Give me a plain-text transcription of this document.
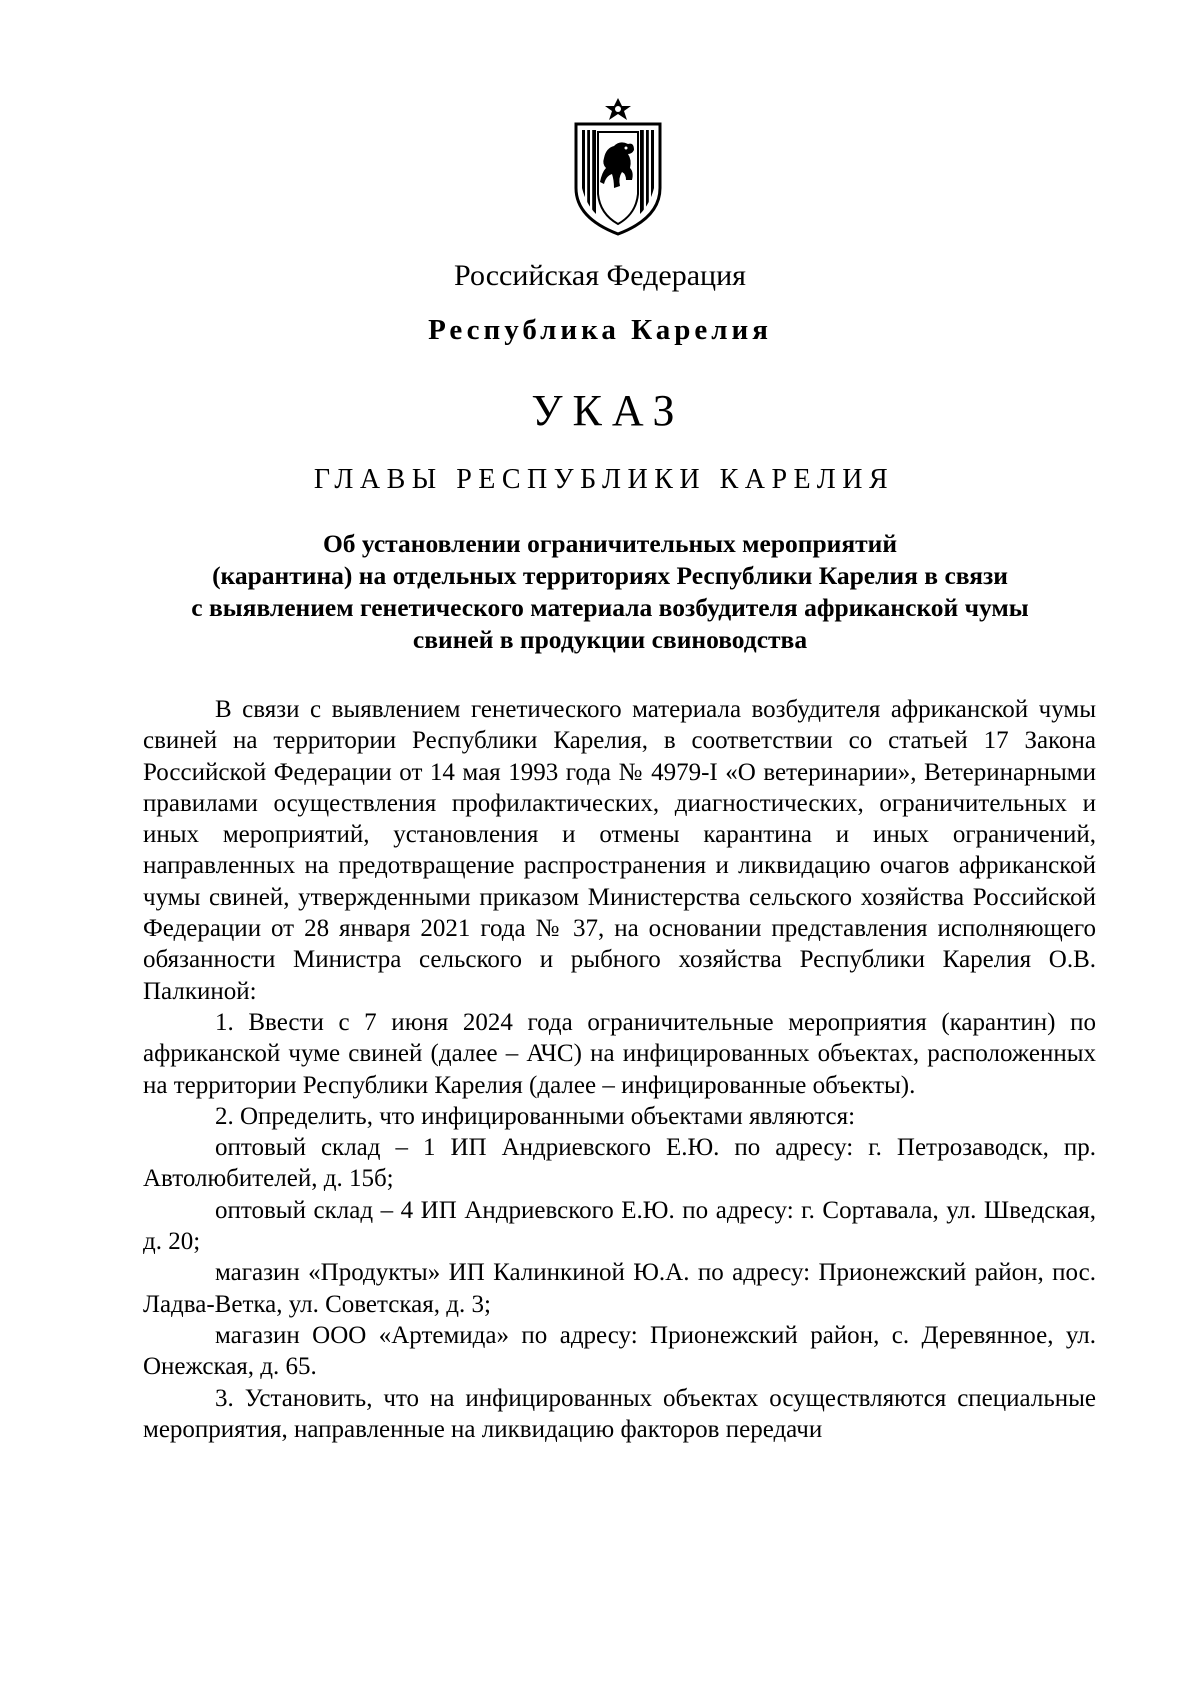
Российская Федерация
Республика Карелия
УКАЗ
ГЛАВЫ РЕСПУБЛИКИ КАРЕЛИЯ
Об установлении ограничительных мероприятий
(карантина) на отдельных территориях Республики Карелия в связи
с выявлением генетического материала возбудителя африканской чумы
свиней в продукции свиноводства

В связи с выявлением генетического материала возбудителя африканской чумы свиней на территории Республики Карелия, в соответствии со статьей 17 Закона Российской Федерации от 14 мая 1993 года № 4979-I «О ветеринарии», Ветеринарными правилами осуществления профилактических, диагностических, ограничительных и иных мероприятий, установления и отмены карантина и иных ограничений, направленных на предотвращение распространения и ликвидацию очагов африканской чумы свиней, утвержденными приказом Министерства сельского хозяйства Российской Федерации от 28 января 2021 года № 37, на основании представления исполняющего обязанности Министра сельского и рыбного хозяйства Республики Карелия О.В. Палкиной:

1. Ввести с 7 июня 2024 года ограничительные мероприятия (карантин) по африканской чуме свиней (далее – АЧС) на инфицированных объектах, расположенных на территории Республики Карелия (далее – инфицированные объекты).

2. Определить, что инфицированными объектами являются:

оптовый склад – 1 ИП Андриевского Е.Ю. по адресу: г. Петрозаводск, пр. Автолюбителей, д. 15б;

оптовый склад – 4 ИП Андриевского Е.Ю. по адресу: г. Сортавала, ул. Шведская, д. 20;

магазин «Продукты» ИП Калинкиной Ю.А. по адресу: Прионежский район, пос. Ладва-Ветка, ул. Советская, д. 3;

магазин ООО «Артемида» по адресу: Прионежский район, с. Деревянное, ул. Онежская, д. 65.

3. Установить, что на инфицированных объектах осуществляются специальные мероприятия, направленные на ликвидацию факторов передачи
